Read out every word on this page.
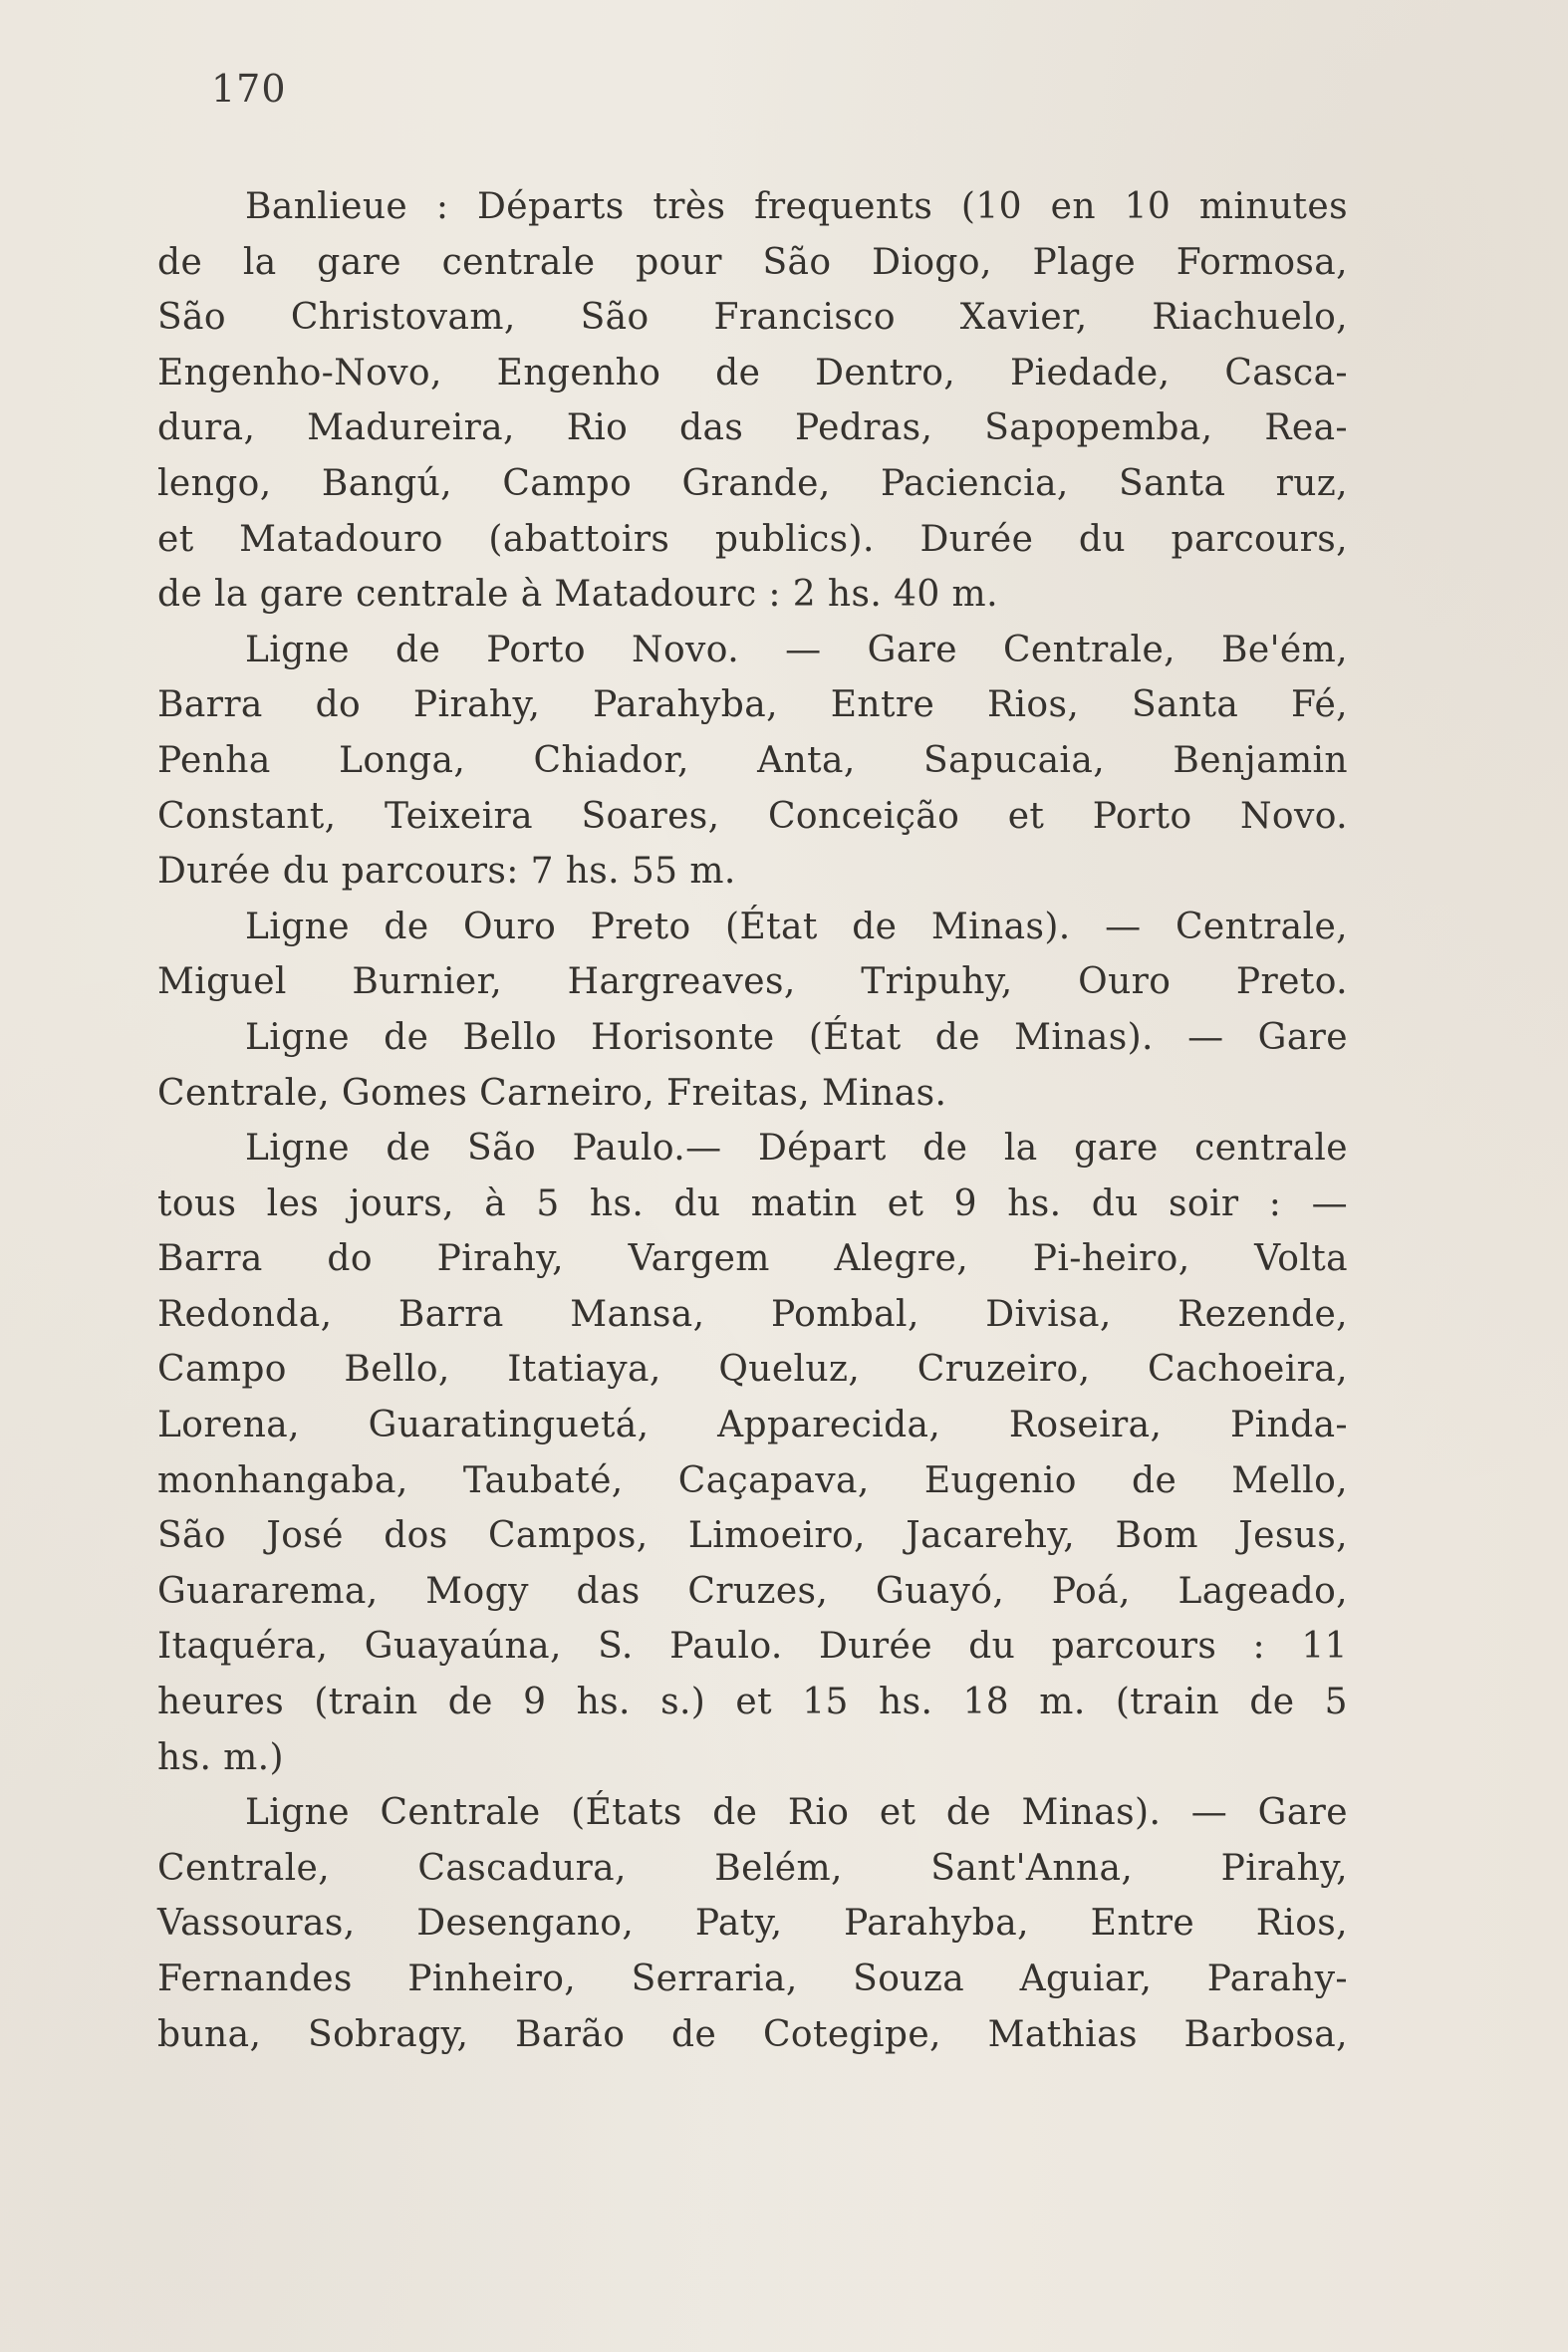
170
Banlieue : Départs très frequents (10 en 10 minutes
de la gare centrale pour São Diogo, Plage Formosa,
São Christovam, São Francisco Xavier, Riachuelo,
Engenho-Novo, Engenho de Dentro, Piedade, Casca-
dura, Madureira, Rio das Pedras, Sapopemba, Rea-
lengo, Bangú, Campo Grande, Paciencia, Santa ruz,
et Matadouro (abattoirs publics). Durée du parcours,
de la gare centrale à Matadourc : 2 hs. 40 m.
Ligne de Porto Novo. — Gare Centrale, Be'ém,
Barra do Pirahy, Parahyba, Entre Rios, Santa Fé,
Penha Longa, Chiador, Anta, Sapucaia, Benjamin
Constant, Teixeira Soares, Conceição et Porto Novo.
Durée du parcours: 7 hs. 55 m.
Ligne de Ouro Preto (État de Minas). — Centrale,
Miguel Burnier, Hargreaves, Tripuhy, Ouro Preto.
Ligne de Bello Horisonte (État de Minas). — Gare
Centrale, Gomes Carneiro, Freitas, Minas.
Ligne de São Paulo.— Départ de la gare centrale
tous les jours, à 5 hs. du matin et 9 hs. du soir : —
Barra do Pirahy, Vargem Alegre, Pi-heiro, Volta
Redonda, Barra Mansa, Pombal, Divisa, Rezende,
Campo Bello, Itatiaya, Queluz, Cruzeiro, Cachoeira,
Lorena, Guaratinguetá, Apparecida, Roseira, Pinda-
monhangaba, Taubaté, Caçapava, Eugenio de Mello,
São José dos Campos, Limoeiro, Jacarehy, Bom Jesus,
Guararema, Mogy das Cruzes, Guayó, Poá, Lageado,
Itaquéra, Guayaúna, S. Paulo. Durée du parcours : 11
heures (train de 9 hs. s.) et 15 hs. 18 m. (train de 5
hs. m.)
Ligne Centrale (États de Rio et de Minas). — Gare
Centrale, Cascadura, Belém, Sant'Anna, Pirahy,
Vassouras, Desengano, Paty, Parahyba, Entre Rios,
Fernandes Pinheiro, Serraria, Souza Aguiar, Parahy-
buna, Sobragy, Barão de Cotegipe, Mathias Barbosa,
